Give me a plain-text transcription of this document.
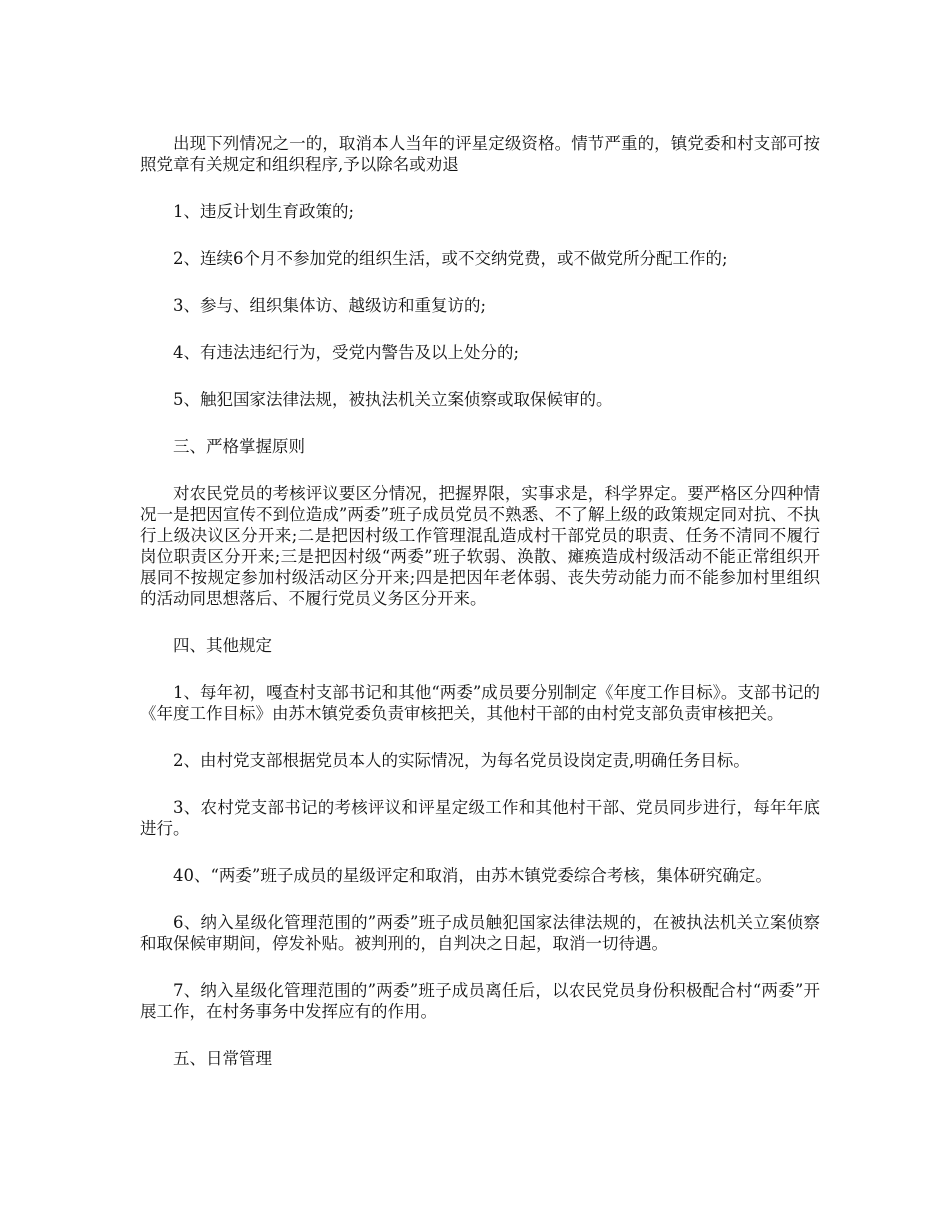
出现下列情况之一的，取消本人当年的评星定级资格。情节严重的，镇党委和村支部可按照党章有关规定和组织程序,予以除名或劝退

1、违反计划生育政策的;

2、连续6个月不参加党的组织生活，或不交纳党费，或不做党所分配工作的;

3、参与、组织集体访、越级访和重复访的;

4、有违法违纪行为，受党内警告及以上处分的;

5、触犯国家法律法规，被执法机关立案侦察或取保候审的。

三、严格掌握原则

对农民党员的考核评议要区分情况，把握界限，实事求是，科学界定。要严格区分四种情况一是把因宣传不到位造成”两委”班子成员党员不熟悉、不了解上级的政策规定同对抗、不执行上级决议区分开来;二是把因村级工作管理混乱造成村干部党员的职责、任务不清同不履行岗位职责区分开来;三是把因村级“两委”班子软弱、涣散、瘫痪造成村级活动不能正常组织开展同不按规定参加村级活动区分开来;四是把因年老体弱、丧失劳动能力而不能参加村里组织的活动同思想落后、不履行党员义务区分开来。

四、其他规定

1、每年初，嘎查村支部书记和其他“两委”成员要分别制定《年度工作目标》。支部书记的《年度工作目标》由苏木镇党委负责审核把关，其他村干部的由村党支部负责审核把关。

2、由村党支部根据党员本人的实际情况，为每名党员设岗定责,明确任务目标。

3、农村党支部书记的考核评议和评星定级工作和其他村干部、党员同步进行，每年年底进行。

40、“两委”班子成员的星级评定和取消，由苏木镇党委综合考核，集体研究确定。

6、纳入星级化管理范围的”两委”班子成员触犯国家法律法规的，在被执法机关立案侦察和取保候审期间，停发补贴。被判刑的，自判决之日起，取消一切待遇。

7、纳入星级化管理范围的”两委”班子成员离任后，以农民党员身份积极配合村“两委”开展工作，在村务事务中发挥应有的作用。

五、日常管理
